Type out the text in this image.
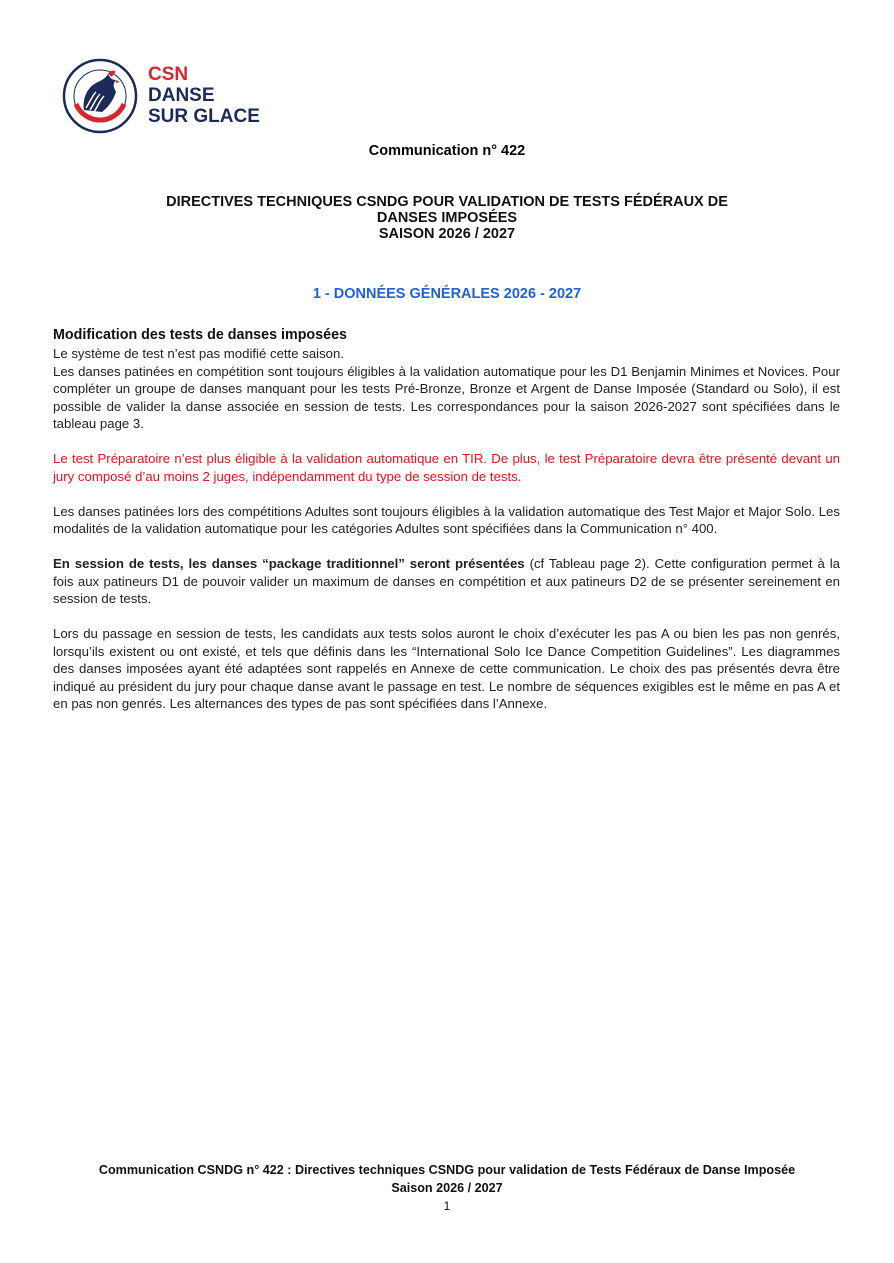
CSN
DANSE
SUR GLACE
Communication n° 422
DIRECTIVES TECHNIQUES CSNDG POUR VALIDATION DE TESTS FÉDÉRAUX DE
DANSES IMPOSÉES
SAISON 2026 / 2027
1 - DONNÉES GÉNÉRALES 2026 - 2027

Modification des tests de danses imposées

Le système de test n’est pas modifié cette saison.
Les danses patinées en compétition sont toujours éligibles à la validation automatique pour les D1 Benjamin Minimes et Novices. Pour compléter un groupe de danses manquant pour les tests Pré-Bronze, Bronze et Argent de Danse Imposée (Standard ou Solo), il est possible de valider la danse associée en session de tests. Les correspondances pour la saison 2026-2027 sont spécifiées dans le tableau page 3.

Le test Préparatoire n’est plus éligible à la validation automatique en TIR. De plus, le test Préparatoire devra être présenté devant un jury composé d’au moins 2 juges, indépendamment du type de session de tests.

Les danses patinées lors des compétitions Adultes sont toujours éligibles à la validation automatique des Test Major et Major Solo. Les modalités de la validation automatique pour les catégories Adultes sont spécifiées dans la Communication n° 400.

En session de tests, les danses “package traditionnel” seront présentées (cf Tableau page 2). Cette configuration permet à la fois aux patineurs D1 de pouvoir valider un maximum de danses en compétition et aux patineurs D2 de se présenter sereinement en session de tests.

Lors du passage en session de tests, les candidats aux tests solos auront le choix d’exécuter les pas A ou bien les pas non genrés, lorsqu’ils existent ou ont existé, et tels que définis dans les “International Solo Ice Dance Competition Guidelines”. Les diagrammes des danses imposées ayant été adaptées sont rappelés en Annexe de cette communication. Le choix des pas présentés devra être indiqué au président du jury pour chaque danse avant le passage en test. Le nombre de séquences exigibles est le même en pas A et en pas non genrés. Les alternances des types de pas sont spécifiées dans l’Annexe.

Communication CSNDG n° 422 : Directives techniques CSNDG pour validation de Tests Fédéraux de Danse Imposée
Saison 2026 / 2027
1
